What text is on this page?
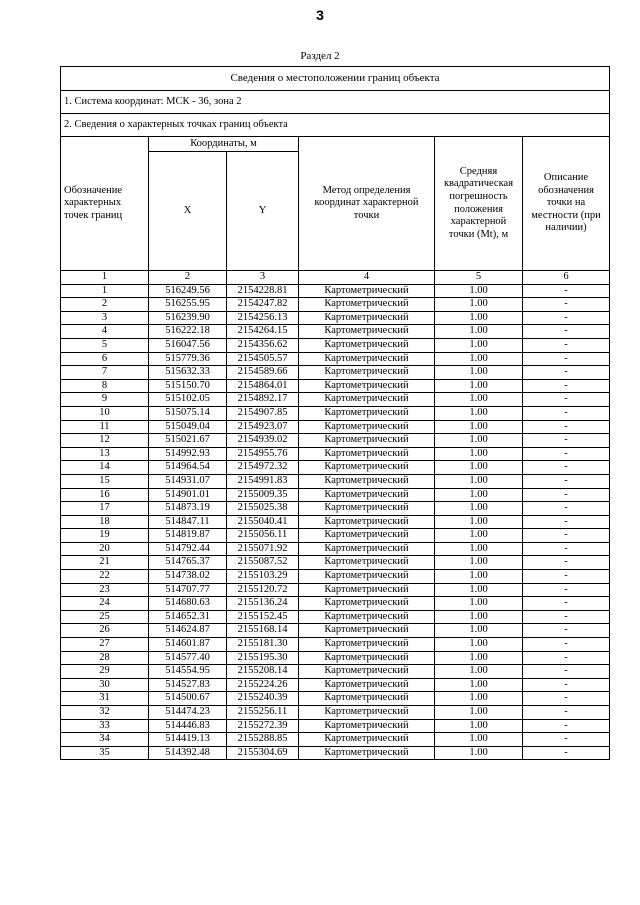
3
Раздел 2
Сведения о местоположении границ объекта					
1. Система координат: МСК - 36, зона 2					
2. Сведения о характерных точках границ объекта					
Обозначение характерных точек границ	Координаты, м		Метод определения координат характерной точки	Средняя квадратическая погрешность положения характерной точки (Mt), м	Описание обозначения точки на местности (при наличии)
	X	Y			
1	2	3	4	5	6
1	516249.56	2154228.81	Картометрический	1.00	-
2	516255.95	2154247.82	Картометрический	1.00	-
3	516239.90	2154256.13	Картометрический	1.00	-
4	516222.18	2154264.15	Картометрический	1.00	-
5	516047.56	2154356.62	Картометрический	1.00	-
6	515779.36	2154505.57	Картометрический	1.00	-
7	515632.33	2154589.66	Картометрический	1.00	-
8	515150.70	2154864.01	Картометрический	1.00	-
9	515102.05	2154892.17	Картометрический	1.00	-
10	515075.14	2154907.85	Картометрический	1.00	-
11	515049.04	2154923.07	Картометрический	1.00	-
12	515021.67	2154939.02	Картометрический	1.00	-
13	514992.93	2154955.76	Картометрический	1.00	-
14	514964.54	2154972.32	Картометрический	1.00	-
15	514931.07	2154991.83	Картометрический	1.00	-
16	514901.01	2155009.35	Картометрический	1.00	-
17	514873.19	2155025.38	Картометрический	1.00	-
18	514847.11	2155040.41	Картометрический	1.00	-
19	514819.87	2155056.11	Картометрический	1.00	-
20	514792.44	2155071.92	Картометрический	1.00	-
21	514765.37	2155087.52	Картометрический	1.00	-
22	514738.02	2155103.29	Картометрический	1.00	-
23	514707.77	2155120.72	Картометрический	1.00	-
24	514680.63	2155136.24	Картометрический	1.00	-
25	514652.31	2155152.45	Картометрический	1.00	-
26	514624.87	2155168.14	Картометрический	1.00	-
27	514601.87	2155181.30	Картометрический	1.00	-
28	514577.40	2155195.30	Картометрический	1.00	-
29	514554.95	2155208.14	Картометрический	1.00	-
30	514527.83	2155224.26	Картометрический	1.00	-
31	514500.67	2155240.39	Картометрический	1.00	-
32	514474.23	2155256.11	Картометрический	1.00	-
33	514446.83	2155272.39	Картометрический	1.00	-
34	514419.13	2155288.85	Картометрический	1.00	-
35	514392.48	2155304.69	Картометрический	1.00	-
